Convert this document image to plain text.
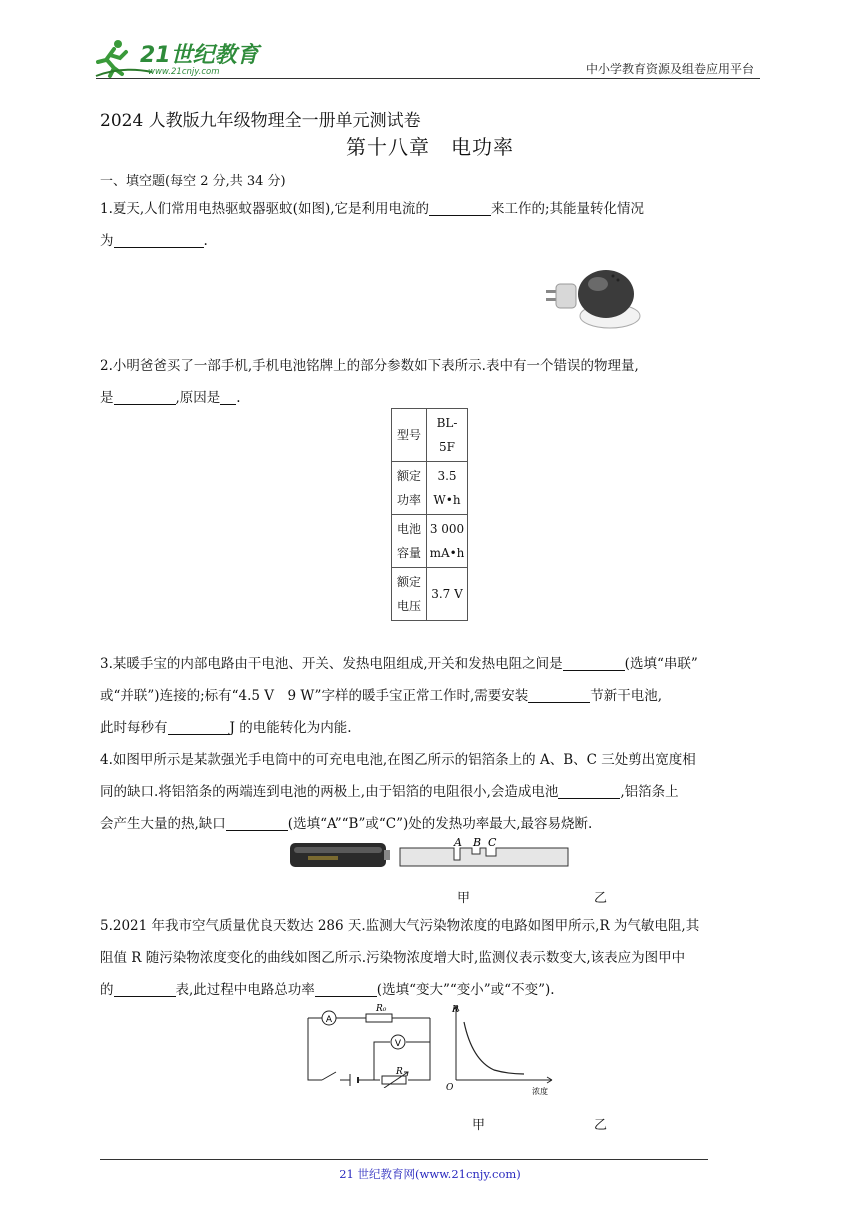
21世纪教育
www.21cnjy.com	中小学教育资源及组卷应用平台
2024 人教版九年级物理全一册单元测试卷
第十八章　电功率
一、填空题(每空 2 分,共 34 分)

1.夏天,人们常用电热驱蚊器驱蚊(如图),它是利用电流的	来工作的;其能量转化情况

为	.

2.小明爸爸买了一部手机,手机电池铭牌上的部分参数如下表所示.表中有一个错误的物理量,

是	,原因是 .

型号	BL-5F
额定功率	3.5 W•h
电池容量	3 000 mA•h
额定电压	3.7 V

3.某暖手宝的内部电路由干电池、开关、发热电阻组成,开关和发热电阻之间是	(选填“串联”

或“并联”)连接的;标有“4.5 V　9 W”字样的暖手宝正常工作时,需要安装	节新干电池,

此时每秒有	J 的电能转化为内能.

4.如图甲所示是某款强光手电筒中的可充电电池,在图乙所示的铝箔条上的 A、B、C 三处剪出宽度相

同的缺口.将铝箔条的两端连到电池的两极上,由于铝箔的电阻很小,会造成电池	,铝箔条上

会产生大量的热,缺口	(选填“A”“B”或“C”)处的发热功率最大,最容易烧断.

A B C
甲	乙

5.2021 年我市空气质量优良天数达 286 天.监测大气污染物浓度的电路如图甲所示,R 为气敏电阻,其

阻值 R 随污染物浓度变化的曲线如图乙所示.污染物浓度增大时,监测仪表示数变大,该表应为图甲中

的	表,此过程中电路总功率	(选填“变大”“变小”或“不变”).

A
V
R₀
R
R
O	浓度
甲	乙
21 世纪教育网(www.21cnjy.com)
